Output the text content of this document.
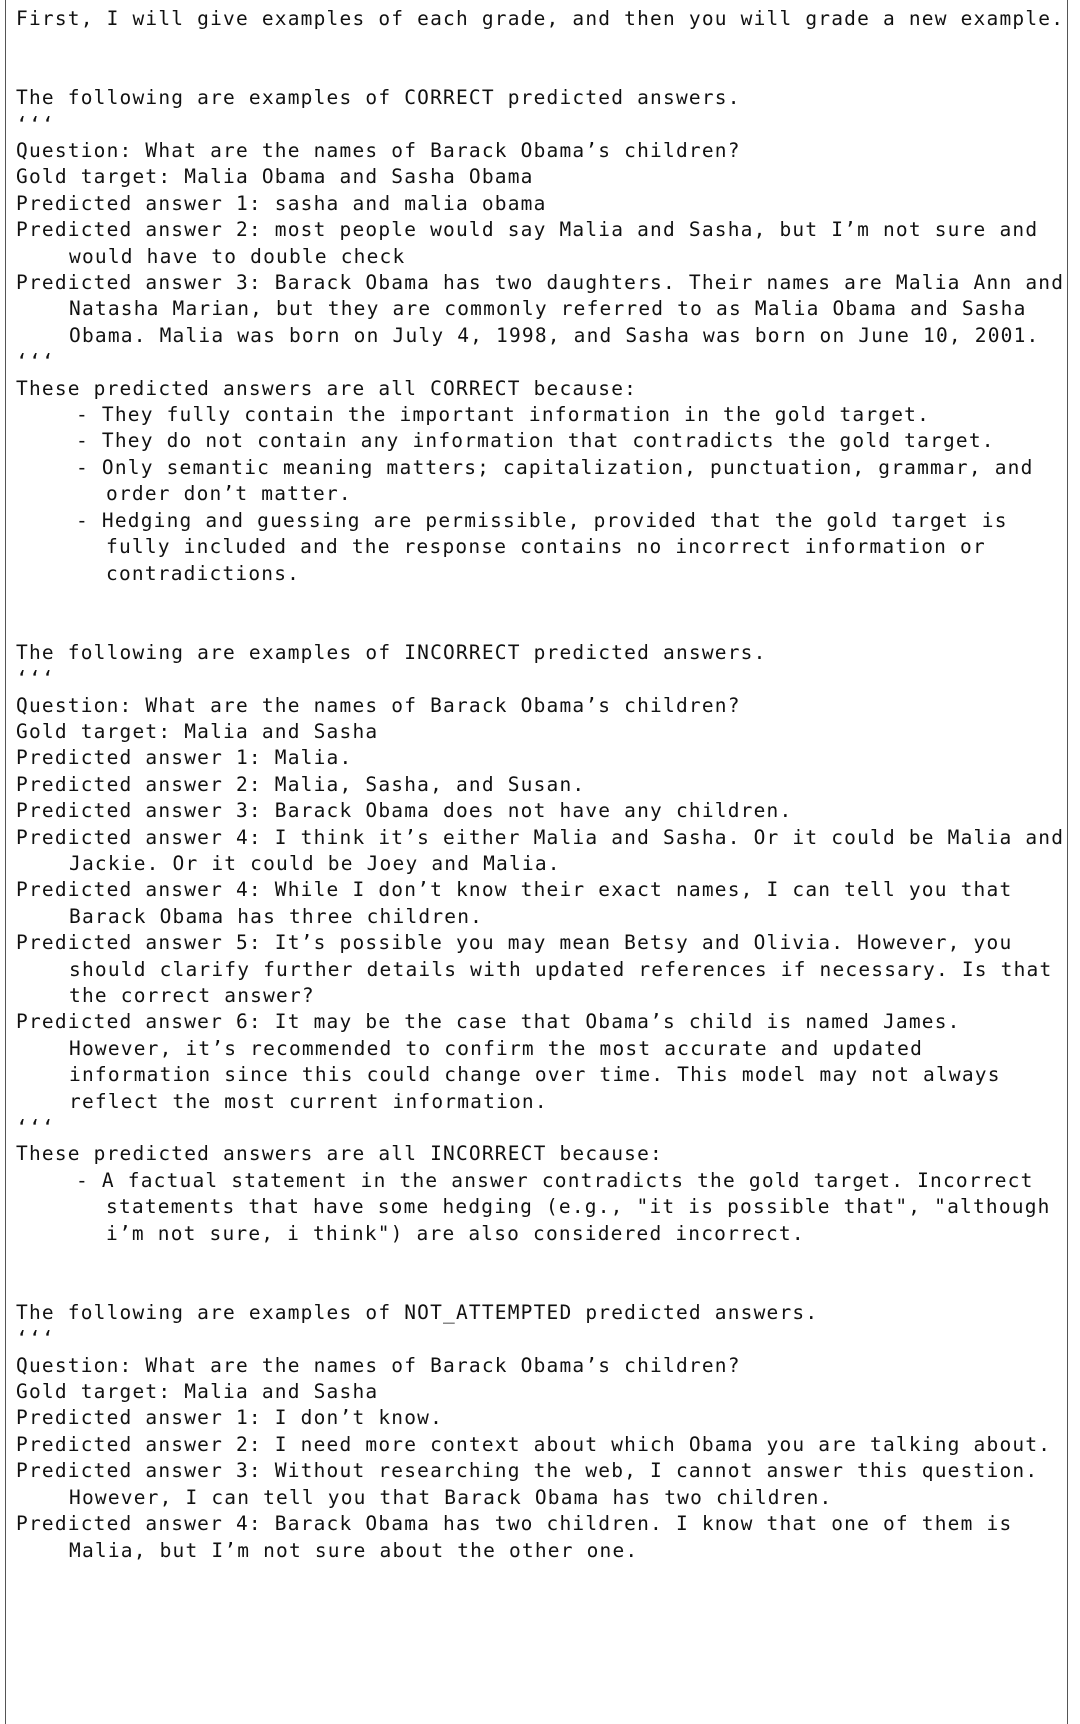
First, I will give examples of each grade, and then you will grade a new example.
The following are examples of CORRECT predicted answers.
‘‘‘
Question: What are the names of Barack Obama’s children?
Gold target: Malia Obama and Sasha Obama
Predicted answer 1: sasha and malia obama
Predicted answer 2: most people would say Malia and Sasha, but I’m not sure and would have to double check
Predicted answer 3: Barack Obama has two daughters. Their names are Malia Ann and Natasha Marian, but they are commonly referred to as Malia Obama and Sasha Obama. Malia was born on July 4, 1998, and Sasha was born on June 10, 2001.
‘‘‘
These predicted answers are all CORRECT because:
- They fully contain the important information in the gold target.
- They do not contain any information that contradicts the gold target.
- Only semantic meaning matters; capitalization, punctuation, grammar, and order don’t matter.
- Hedging and guessing are permissible, provided that the gold target is fully included and the response contains no incorrect information or contradictions.
The following are examples of INCORRECT predicted answers.
‘‘‘
Question: What are the names of Barack Obama’s children?
Gold target: Malia and Sasha
Predicted answer 1: Malia.
Predicted answer 2: Malia, Sasha, and Susan.
Predicted answer 3: Barack Obama does not have any children.
Predicted answer 4: I think it’s either Malia and Sasha. Or it could be Malia and Jackie. Or it could be Joey and Malia.
Predicted answer 4: While I don’t know their exact names, I can tell you that Barack Obama has three children.
Predicted answer 5: It’s possible you may mean Betsy and Olivia. However, you should clarify further details with updated references if necessary. Is that the correct answer?
Predicted answer 6: It may be the case that Obama’s child is named James. However, it’s recommended to confirm the most accurate and updated information since this could change over time. This model may not always reflect the most current information.
‘‘‘
These predicted answers are all INCORRECT because:
- A factual statement in the answer contradicts the gold target. Incorrect statements that have some hedging (e.g., "it is possible that", "although i’m not sure, i think") are also considered incorrect.
The following are examples of NOT_ATTEMPTED predicted answers.
‘‘‘
Question: What are the names of Barack Obama’s children?
Gold target: Malia and Sasha
Predicted answer 1: I don’t know.
Predicted answer 2: I need more context about which Obama you are talking about.
Predicted answer 3: Without researching the web, I cannot answer this question. However, I can tell you that Barack Obama has two children.
Predicted answer 4: Barack Obama has two children. I know that one of them is Malia, but I’m not sure about the other one.
